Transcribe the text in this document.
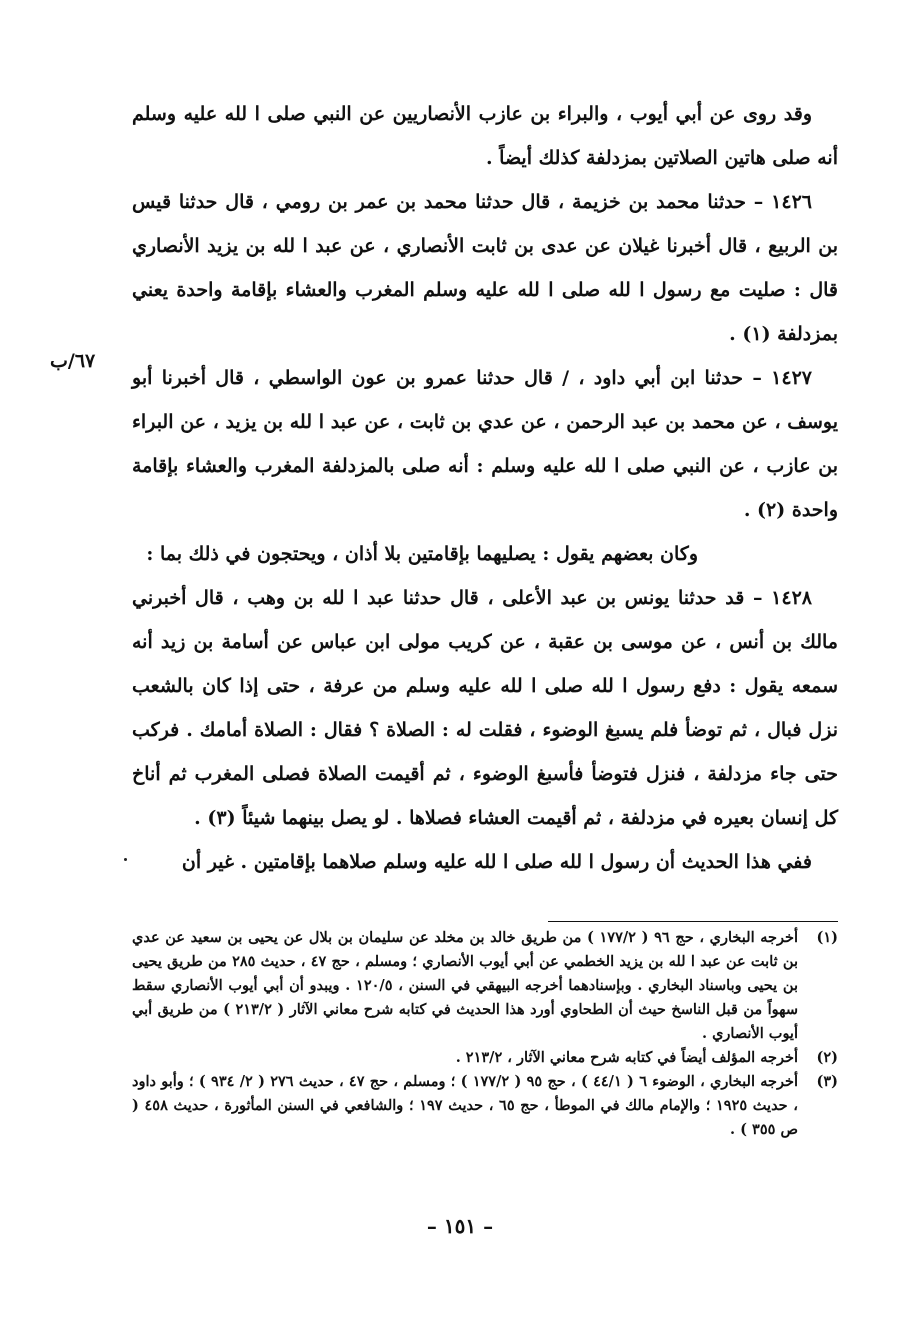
٦٧/ب

وقد روى عن أبي أيوب ، والبراء بن عازب الأنصاريين عن النبي صلى ا لله عليه وسلم أنه صلى هاتين الصلاتين بمزدلفة كذلك أيضاً .

١٤٢٦ – حدثنا محمد بن خزيمة ، قال حدثنا محمد بن عمر بن رومي ، قال حدثنا قيس بن الربيع ، قال أخبرنا غيلان عن عدى بن ثابت الأنصاري ، عن عبد ا لله بن يزيد الأنصاري قال : صليت مع رسول ا لله صلى ا لله عليه وسلم المغرب والعشاء بإقامة واحدة يعني بمزدلفة (١) .

١٤٢٧ – حدثنا ابن أبي داود ، / قال حدثنا عمرو بن عون الواسطي ، قال أخبرنا أبو يوسف ، عن محمد بن عبد الرحمن ، عن عدي بن ثابت ، عن عبد ا لله بن يزيد ، عن البراء بن عازب ، عن النبي صلى ا لله عليه وسلم : أنه صلى بالمزدلفة المغرب والعشاء بإقامة واحدة (٢) .

وكان بعضهم يقول : يصليهما بإقامتين بلا أذان ، ويحتجون في ذلك بما :

١٤٢٨ – قد حدثنا يونس بن عبد الأعلى ، قال حدثنا عبد ا لله بن وهب ، قال أخبرني مالك بن أنس ، عن موسى بن عقبة ، عن كريب مولى ابن عباس عن أسامة بن زيد أنه سمعه يقول : دفع رسول ا لله صلى ا لله عليه وسلم من عرفة ، حتى إذا كان بالشعب نزل فبال ، ثم توضأ فلم يسبغ الوضوء ، فقلت له : الصلاة ؟ فقال : الصلاة أمامك . فركب حتى جاء مزدلفة ، فنزل فتوضأ فأسبغ الوضوء ، ثم أقيمت الصلاة فصلى المغرب ثم أناخ كل إنسان بعيره في مزدلفة ، ثم أقيمت العشاء فصلاها . لو يصل بينهما شيئاً (٣) .

ففي هذا الحديث أن رسول ا لله صلى ا لله عليه وسلم صلاهما بإقامتين . غير أن

(١)
أخرجه البخاري ، حج ٩٦ ( ١٧٧/٢ ) من طريق خالد بن مخلد عن سليمان بن بلال عن يحيى بن سعيد عن عدي بن ثابت عن عبد ا لله بن يزيد الخطمي عن أبي أيوب الأنصاري ؛ ومسلم ، حج ٤٧ ، حديث ٢٨٥ من طريق يحيى بن يحيى وباسناد البخاري . وبإسنادهما أخرجه البيهقي في السنن ، ١٢٠/٥ . ويبدو أن أبي أيوب الأنصاري سقط سهواً من قبل الناسخ حيث أن الطحاوي أورد هذا الحديث في كتابه شرح معاني الآثار ( ٢١٣/٢ ) من طريق أبي أيوب الأنصاري .
(٢)
أخرجه المؤلف أيضاً في كتابه شرح معاني الآثار ، ٢١٣/٢ .
(٣)
أخرجه البخاري ، الوضوء ٦ ( ٤٤/١ ) ، حج ٩٥ ( ١٧٧/٢ ) ؛ ومسلم ، حج ٤٧ ، حديث ٢٧٦ ( ٢/ ٩٣٤ ) ؛ وأبو داود ، حديث ١٩٢٥ ؛ والإمام مالك في الموطأ ، حج ٦٥ ، حديث ١٩٧ ؛ والشافعي في السنن المأثورة ، حديث ٤٥٨ ( ص ٣٥٥ ) .
– ١٥١ –
